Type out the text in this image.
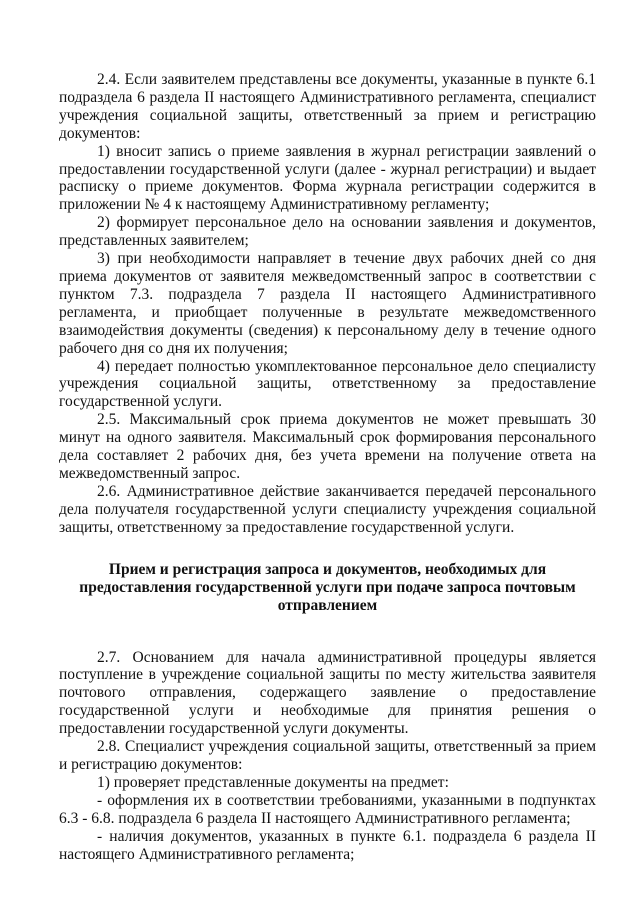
2.4. Если заявителем представлены все документы, указанные в пункте 6.1 подраздела 6 раздела II настоящего Административного регламента, специалист учреждения социальной защиты, ответственный за прием и регистрацию документов:

1) вносит запись о приеме заявления в журнал регистрации заявлений о предоставлении государственной услуги (далее - журнал регистрации) и выдает расписку о приеме документов. Форма журнала регистрации содержится в приложении № 4 к настоящему Административному регламенту;

2) формирует персональное дело на основании заявления и документов, представленных заявителем;

3) при необходимости направляет в течение двух рабочих дней со дня приема документов от заявителя межведомственный запрос в соответствии с пунктом 7.3. подраздела 7 раздела II настоящего Административного регламента, и приобщает полученные в результате межведомственного взаимодействия документы (сведения) к персональному делу в течение одного рабочего дня со дня их получения;

4) передает полностью укомплектованное персональное дело специалисту учреждения социальной защиты, ответственному за предоставление государственной услуги.

2.5. Максимальный срок приема документов не может превышать 30 минут на одного заявителя. Максимальный срок формирования персонального дела составляет 2 рабочих дня, без учета времени на получение ответа на межведомственный запрос.

2.6. Административное действие заканчивается передачей персонального дела получателя государственной услуги специалисту учреждения социальной защиты, ответственному за предоставление государственной услуги.

Прием и регистрация запроса и документов, необходимых для предоставления государственной услуги при подаче запроса почтовым отправлением

2.7. Основанием для начала административной процедуры является поступление в учреждение социальной защиты по месту жительства заявителя почтового отправления, содержащего заявление о предоставление государственной услуги и необходимые для принятия решения о предоставлении государственной услуги документы.

2.8. Специалист учреждения социальной защиты, ответственный за прием и регистрацию документов:

1) проверяет представленные документы на предмет:

- оформления их в соответствии требованиями, указанными в подпунктах 6.3 - 6.8. подраздела 6 раздела II настоящего Административного регламента;

- наличия документов, указанных в пункте 6.1. подраздела 6 раздела II настоящего Административного регламента;
